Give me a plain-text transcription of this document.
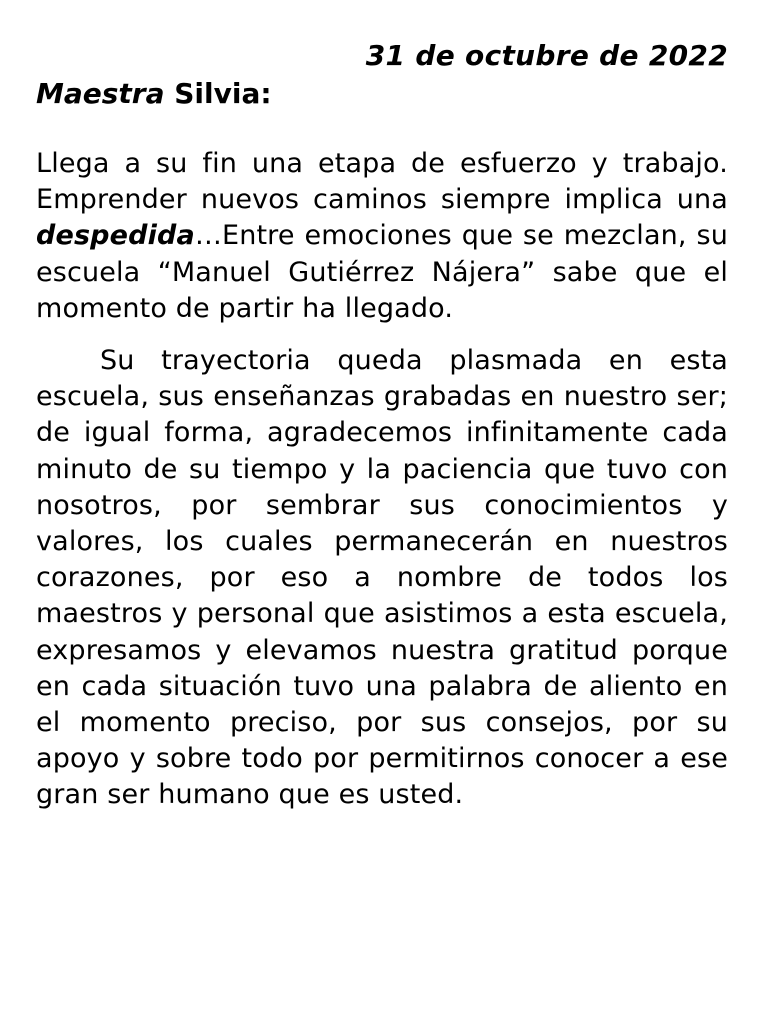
31 de octubre de 2022

Maestra Silvia:

Llega a su fin una etapa de esfuerzo y trabajo. Emprender nuevos caminos siempre implica una despedida…Entre emociones que se mezclan, su escuela “Manuel Gutiérrez Nájera” sabe que el momento de partir ha llegado.

Su trayectoria queda plasmada en esta escuela, sus enseñanzas grabadas en nuestro ser; de igual forma, agradecemos infinitamente cada minuto de su tiempo y la paciencia que tuvo con nosotros, por sembrar sus conocimientos y valores, los cuales permanecerán en nuestros corazones, por eso a nombre de todos los maestros y personal que asistimos a esta escuela, expresamos y elevamos nuestra gratitud porque en cada situación tuvo una palabra de aliento en el momento preciso, por sus consejos, por su apoyo y sobre todo por permitirnos conocer a ese gran ser humano que es usted.
